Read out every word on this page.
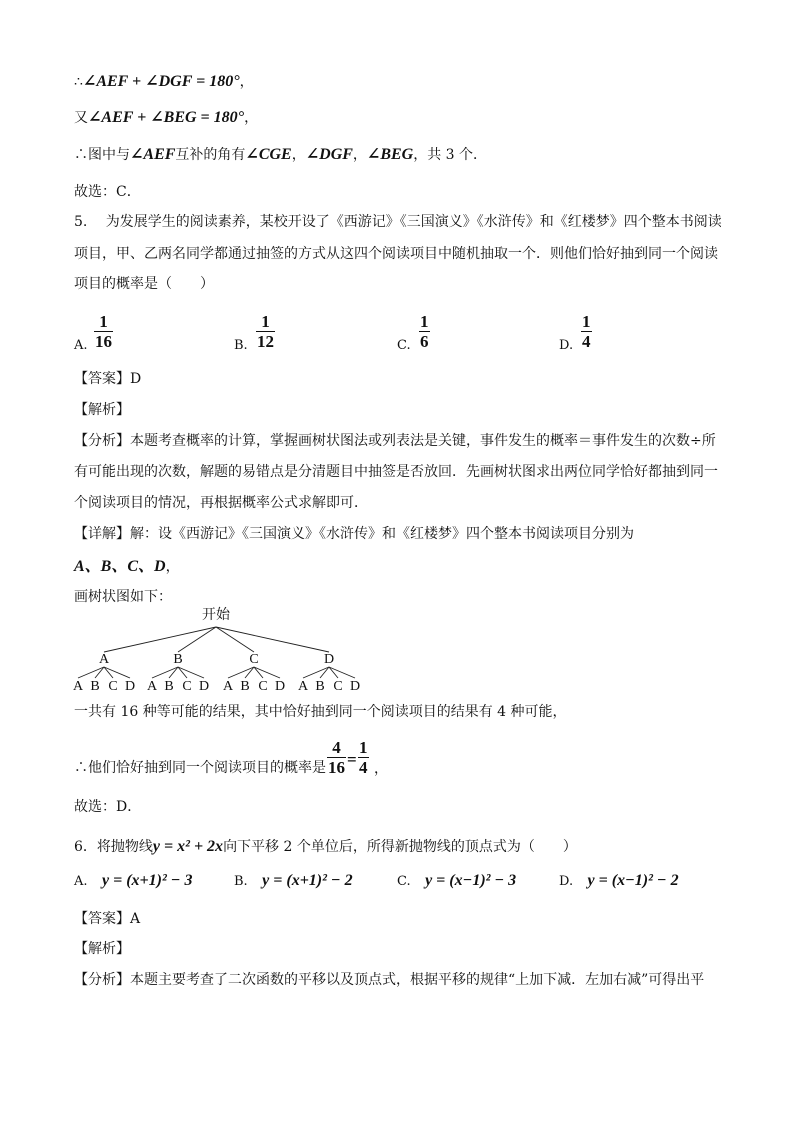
∴∠AEF + ∠DGF = 180°，
又∠AEF + ∠BEG = 180°，
∴图中与∠AEF互补的角有∠CGE，∠DGF，∠BEG，共 3 个．
故选：C．
5.　 为发展学生的阅读素养，某校开设了《西游记》《三国演义》《水浒传》和《红楼梦》四个整本书阅读
项目，甲、乙两名同学都通过抽签的方式从这四个阅读项目中随机抽取一个．则他们恰好抽到同一个阅读
项目的概率是（　　）
A.
1
16	B.
1
12	C.
1
6	D.
1
4
【答案】D
【解析】
【分析】本题考查概率的计算，掌握画树状图法或列表法是关键，事件发生的概率＝事件发生的次数÷所
有可能出现的次数，解题的易错点是分清题目中抽签是否放回．先画树状图求出两位同学恰好都抽到同一
个阅读项目的情况，再根据概率公式求解即可．
【详解】解：设《西游记》《三国演义》《水浒传》和《红楼梦》四个整本书阅读项目分别为
A、B、C、D，
画树状图如下：
开始
A
A B C D
B
A B C D
C
A B C D
D
A B C D
一共有 16 种等可能的结果，其中恰好抽到同一个阅读项目的结果有 4 种可能，
∴他们恰好抽到同一个阅读项目的概率是
4
16 =
1
4 ，
故选：D．
6．将抛物线y = x² + 2x向下平移 2 个单位后，所得新抛物线的顶点式为（　　）
A. y = (x+1)² − 3	B. y = (x+1)² − 2	C. y = (x−1)² − 3	D. y = (x−1)² − 2
【答案】A
【解析】
【分析】本题主要考查了二次函数的平移以及顶点式，根据平移的规律“上加下减．左加右减”可得出平
